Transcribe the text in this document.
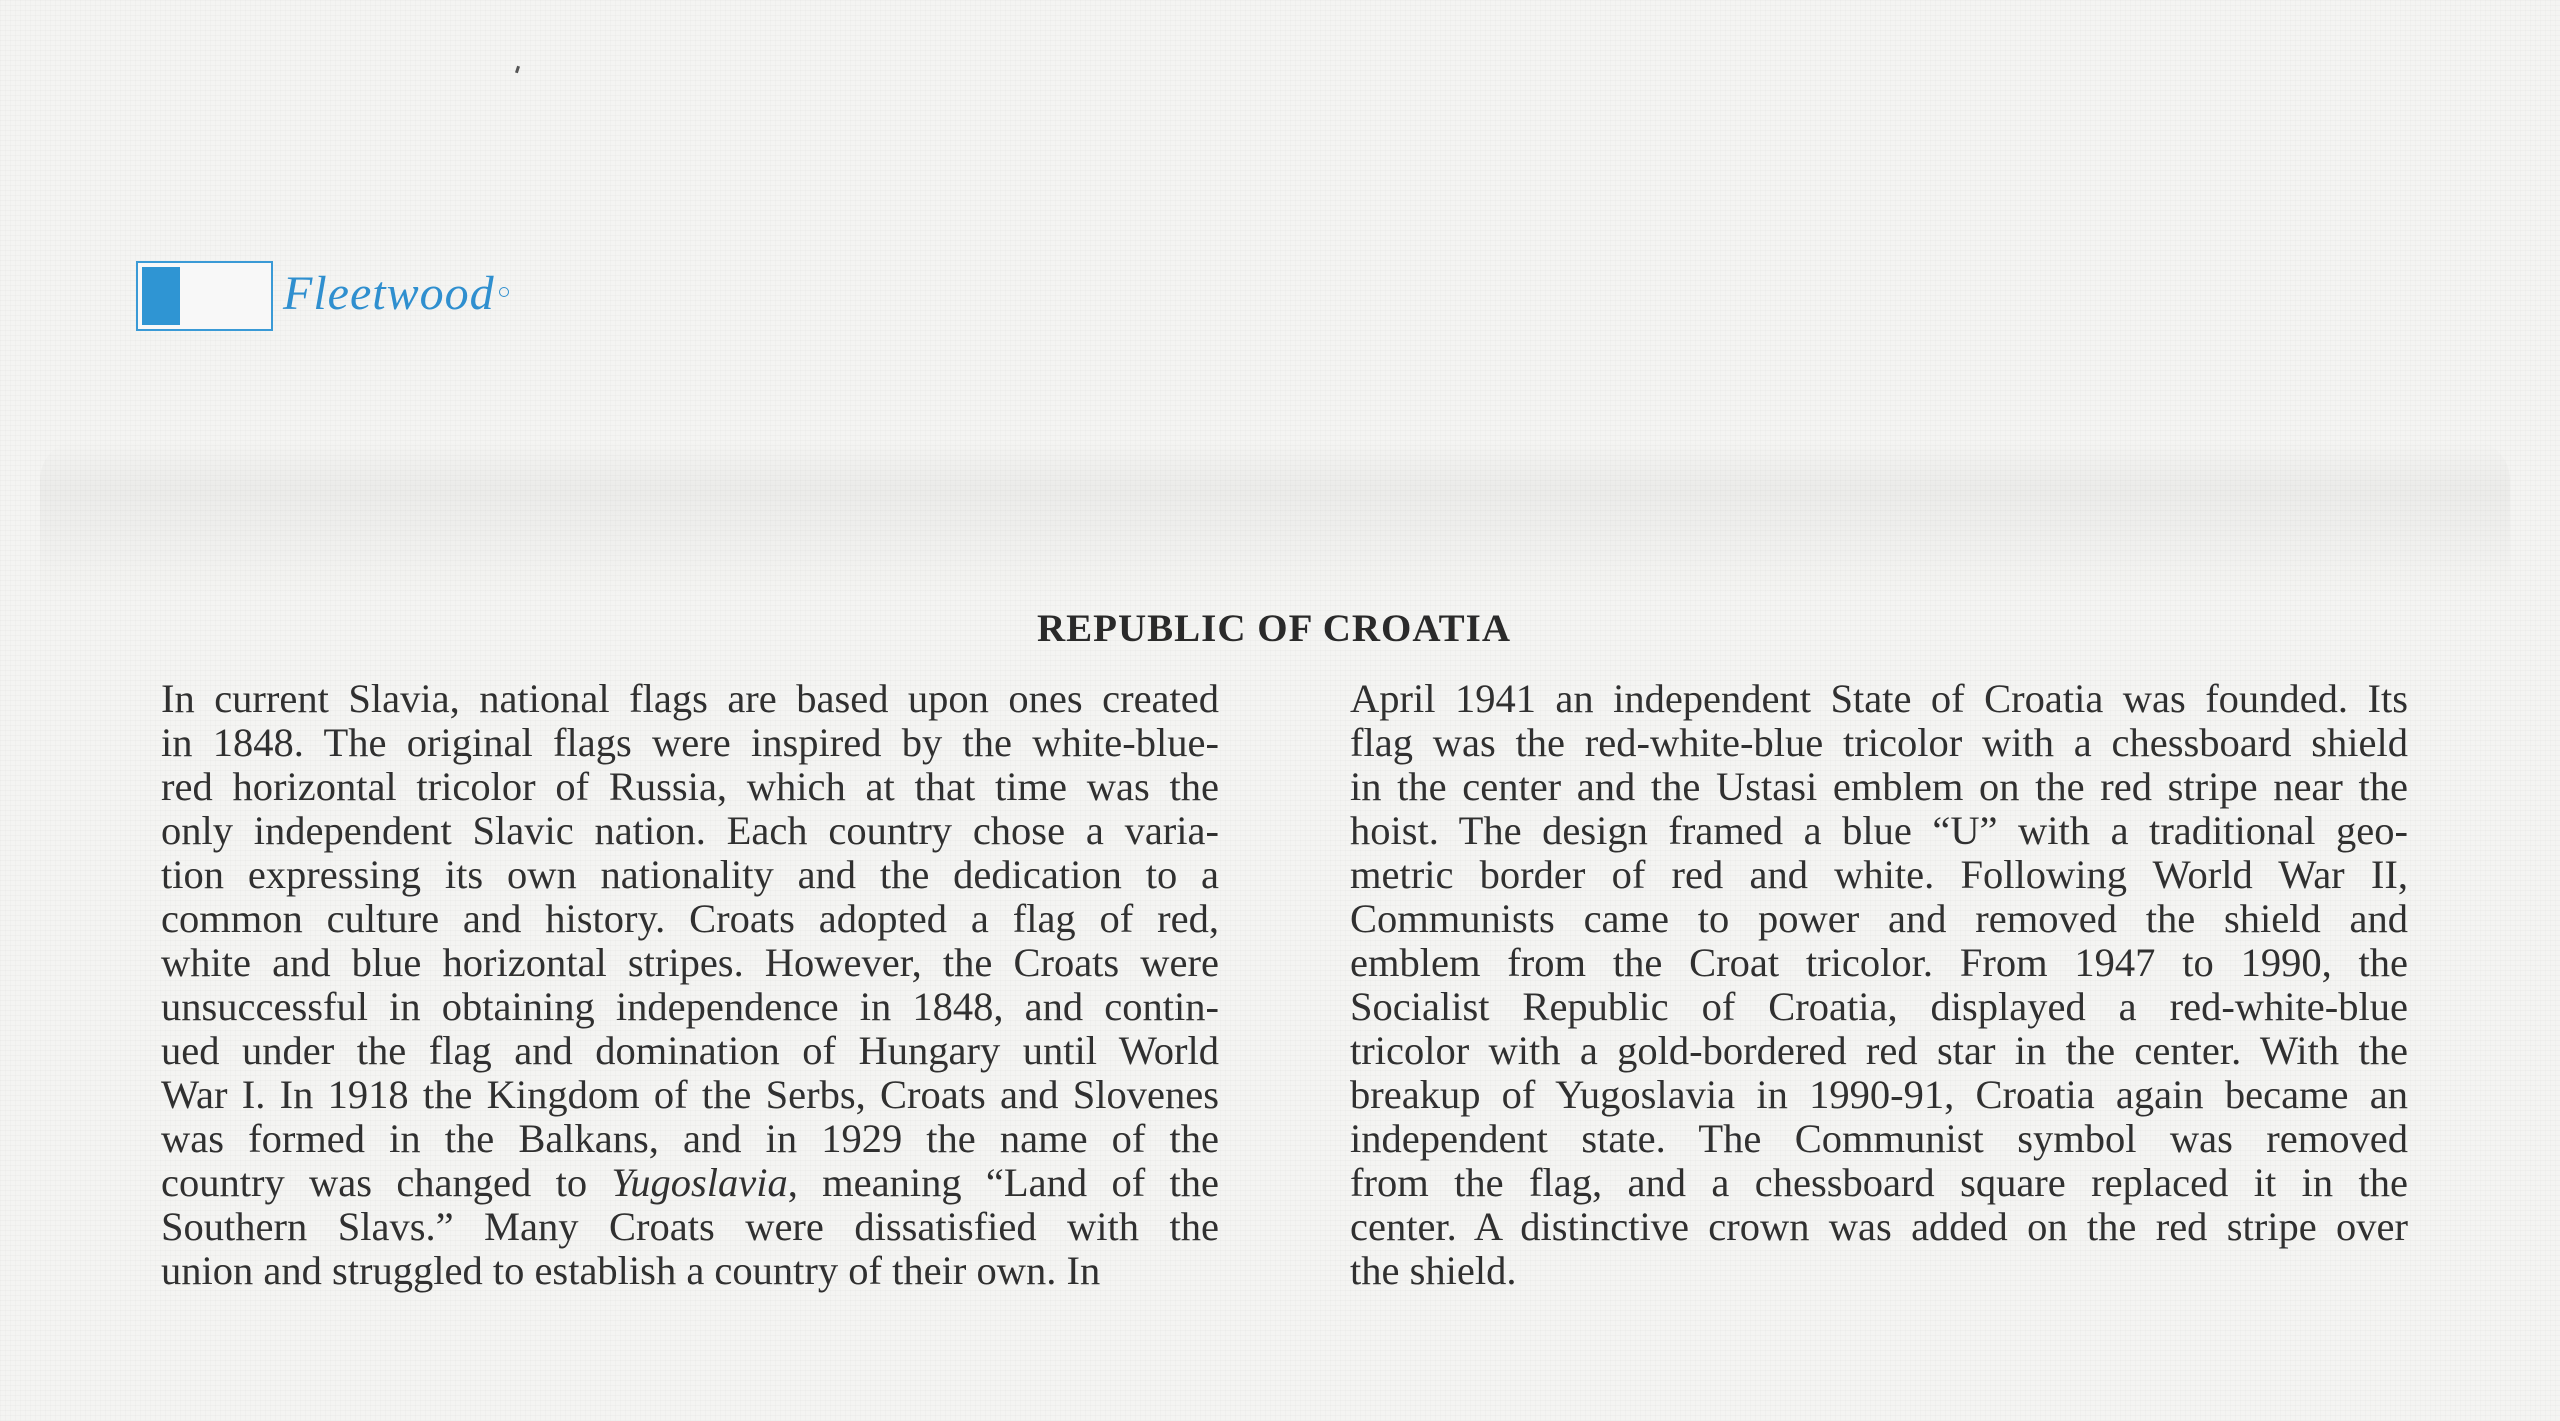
Fleetwood
REPUBLIC OF CROATIA
In current Slavia, national flags are based upon ones created
in 1848. The original flags were inspired by the white-blue-
red horizontal tricolor of Russia, which at that time was the
only independent Slavic nation. Each country chose a varia-
tion expressing its own nationality and the dedication to a
common culture and history. Croats adopted a flag of red,
white and blue horizontal stripes. However, the Croats were
unsuccessful in obtaining independence in 1848, and contin-
ued under the flag and domination of Hungary until World
War I. In 1918 the Kingdom of the Serbs, Croats and Slovenes
was formed in the Balkans, and in 1929 the name of the
country was changed to Yugoslavia, meaning “Land of the
Southern Slavs.” Many Croats were dissatisfied with the
union and struggled to establish a country of their own. In
April 1941 an independent State of Croatia was founded. Its
flag was the red-white-blue tricolor with a chessboard shield
in the center and the Ustasi emblem on the red stripe near the
hoist. The design framed a blue “U” with a traditional geo-
metric border of red and white. Following World War II,
Communists came to power and removed the shield and
emblem from the Croat tricolor. From 1947 to 1990, the
Socialist Republic of Croatia, displayed a red-white-blue
tricolor with a gold-bordered red star in the center. With the
breakup of Yugoslavia in 1990-91, Croatia again became an
independent state. The Communist symbol was removed
from the flag, and a chessboard square replaced it in the
center. A distinctive crown was added on the red stripe over
the shield.
